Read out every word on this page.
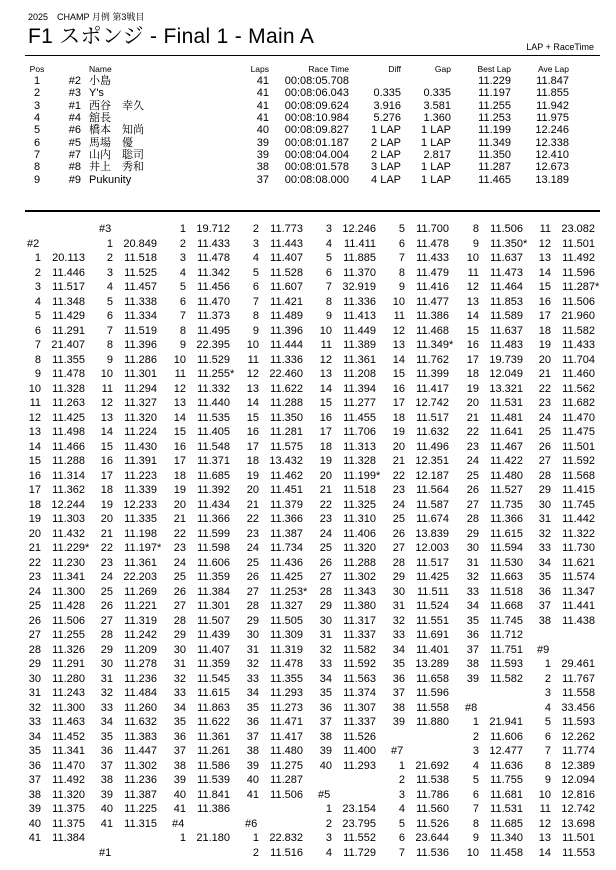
2025　CHAMP 月例 第3戦目
F1 スポンジ - Final 1 - Main A	LAP + RaceTime
Pos		Name	Laps	Race Time	Diff	Gap	Best Lap	Ave Lap
1	#2	小島	41	00:08:05.708			11.229	11.847
2	#3	Y's	41	00:08:06.043	0.335	0.335	11.197	11.855
3	#1	西谷　幸久	41	00:08:09.624	3.916	3.581	11.255	11.942
4	#4	舘長	41	00:08:10.984	5.276	1.360	11.253	11.975
5	#6	橋本　知尚	40	00:08:09.827	1 LAP	1 LAP	11.199	12.246
6	#5	馬場　優	39	00:08:01.187	2 LAP	1 LAP	11.349	12.338
7	#7	山内　聡司	39	00:08:04.004	2 LAP	2.817	11.350	12.410
8	#8	井上　秀和	38	00:08:01.578	3 LAP	1 LAP	11.287	12.673
9	#9	Pukunity	37	00:08:08.000	4 LAP	1 LAP	11.465	13.189
#2
1 20.113
2 11.446
3 11.517
4 11.348
5 11.429
6 11.291
7 21.407
8 11.355
9 11.478
10 11.328
11 11.263
12 11.425
13 11.498
14 11.466
15 11.288
16 11.314
17 11.362
18 12.244
19 11.303
20 11.432
21 11.229*
22 11.230
23 11.341
24 11.300
25 11.428
26 11.506
27 11.255
28 11.326
29 11.291
30 11.280
31 11.243
32 11.300
33 11.463
34 11.452
35 11.341
36 11.470
37 11.492
38 11.320
39 11.375
40 11.375
41 11.384
#3
1 20.849
2 11.518
3 11.525
4 11.457
5 11.338
6 11.334
7 11.519
8 11.396
9 11.286
10 11.301
11 11.294
12 11.327
13 11.320
14 11.224
15 11.430
16 11.391
17 11.223
18 11.339
19 12.233
20 11.335
21 11.198
22 11.197*
23 11.361
24 22.203
25 11.269
26 11.221
27 11.319
28 11.242
29 11.209
30 11.278
31 11.236
32 11.484
33 11.260
34 11.632
35 11.383
36 11.447
37 11.302
38 11.236
39 11.387
40 11.225
41 11.315
#1
1 19.712
2 11.433
3 11.478
4 11.342
5 11.456
6 11.470
7 11.373
8 11.495
9 22.395
10 11.529
11 11.255*
12 11.332
13 11.440
14 11.535
15 11.405
16 11.548
17 11.371
18 11.685
19 11.392
20 11.434
21 11.366
22 11.599
23 11.598
24 11.606
25 11.359
26 11.384
27 11.301
28 11.507
29 11.439
30 11.407
31 11.359
32 11.545
33 11.615
34 11.863
35 11.622
36 11.361
37 11.261
38 11.586
39 11.539
40 11.841
41 11.386
#4
1 21.180
2 11.773
3 11.443
4 11.407
5 11.528
6 11.607
7 11.421
8 11.489
9 11.396
10 11.444
11 11.336
12 22.460
13 11.622
14 11.288
15 11.350
16 11.281
17 11.575
18 13.432
19 11.462
20 11.451
21 11.379
22 11.366
23 11.387
24 11.734
25 11.436
26 11.425
27 11.253*
28 11.327
29 11.505
30 11.309
31 11.319
32 11.478
33 11.355
34 11.293
35 11.273
36 11.471
37 11.417
38 11.480
39 11.275
40 11.287
41 11.506
#6
1 22.832
2 11.516
3 12.246
4 11.411
5 11.885
6 11.370
7 32.919
8 11.336
9 11.413
10 11.449
11 11.389
12 11.361
13 11.208
14 11.394
15 11.277
16 11.455
17 11.706
18 11.313
19 11.328
20 11.199*
21 11.518
22 11.325
23 11.310
24 11.406
25 11.320
26 11.288
27 11.302
28 11.343
29 11.380
30 11.317
31 11.337
32 11.582
33 11.592
34 11.563
35 11.374
36 11.307
37 11.337
38 11.526
39 11.400
40 11.293
#5
1 23.154
2 23.795
3 11.552
4 11.729
5 11.700
6 11.478
7 11.433
8 11.479
9 11.416
10 11.477
11 11.386
12 11.468
13 11.349*
14 11.762
15 11.399
16 11.417
17 12.742
18 11.517
19 11.632
20 11.496
21 12.351
22 12.187
23 11.564
24 11.587
25 11.674
26 13.839
27 12.003
28 11.517
29 11.425
30 11.511
31 11.524
32 11.551
33 11.691
34 11.401
35 13.289
36 11.658
37 11.596
38 11.558
39 11.880
#7
1 21.692
2 11.538
3 11.786
4 11.560
5 11.526
6 23.644
7 11.536
8 11.506
9 11.350*
10 11.637
11 11.473
12 11.464
13 11.853
14 11.589
15 11.637
16 11.483
17 19.739
18 12.049
19 13.321
20 11.531
21 11.481
22 11.641
23 11.467
24 11.422
25 11.480
26 11.527
27 11.735
28 11.366
29 11.615
30 11.594
31 11.530
32 11.663
33 11.518
34 11.668
35 11.745
36 11.712
37 11.751
38 11.593
39 11.582
#8
1 21.941
2 11.606
3 12.477
4 11.636
5 11.755
6 11.681
7 11.531
8 11.685
9 11.340
10 11.458
11 23.082
12 11.501
13 11.492
14 11.596
15 11.287*
16 11.506
17 21.960
18 11.582
19 11.433
20 11.704
21 11.460
22 11.562
23 11.682
24 11.470
25 11.475
26 11.501
27 11.592
28 11.568
29 11.415
30 11.745
31 11.442
32 11.322
33 11.730
34 11.621
35 11.574
36 11.347
37 11.441
38 11.438
#9
1 29.461
2 11.767
3 11.558
4 33.456
5 11.593
6 12.262
7 11.774
8 12.389
9 12.094
10 12.816
11 12.742
12 13.698
13 11.501
14 11.553
